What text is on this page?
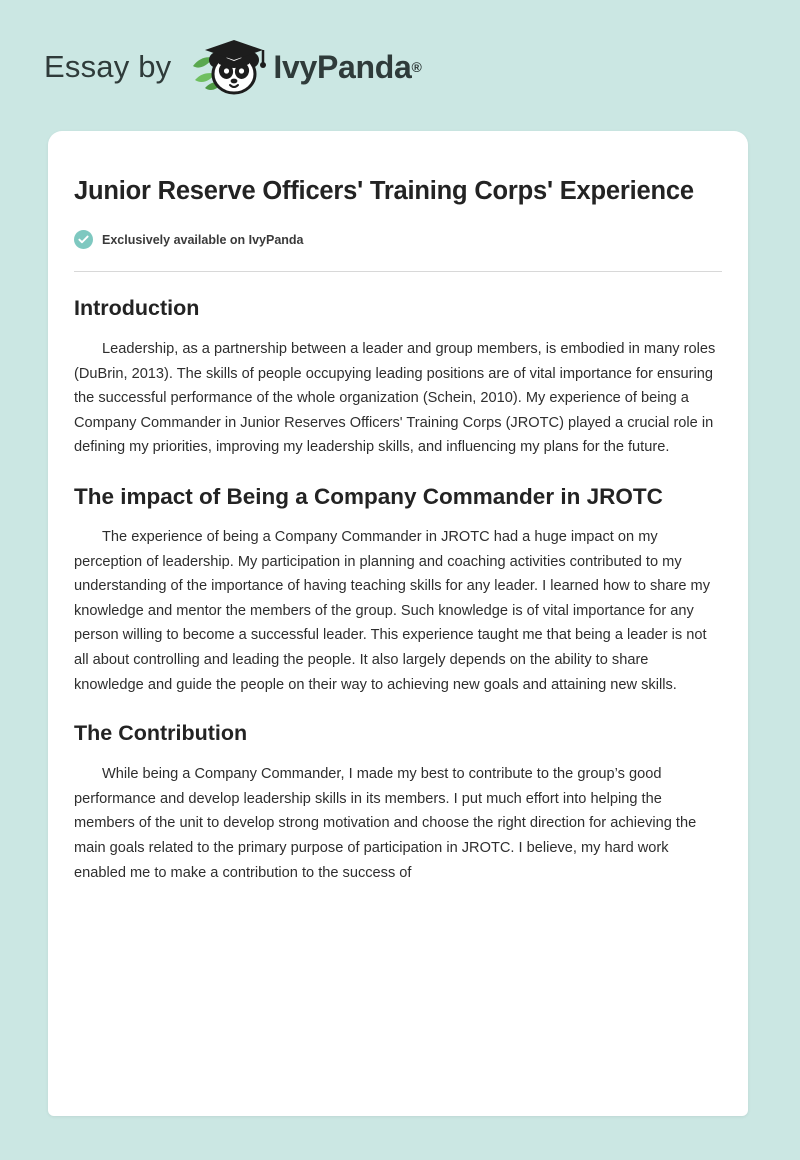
Essay by	IvyPanda ®
Junior Reserve Officers' Training Corps' Experience
Exclusively available on IvyPanda
Introduction

Leadership, as a partnership between a leader and group members, is embodied in many roles (DuBrin, 2013). The skills of people occupying leading positions are of vital importance for ensuring the successful performance of the whole organization (Schein, 2010). My experience of being a Company Commander in Junior Reserves Officers' Training Corps (JROTC) played a crucial role in defining my priorities, improving my leadership skills, and influencing my plans for the future.

The impact of Being a Company Commander in JROTC

The experience of being a Company Commander in JROTC had a huge impact on my perception of leadership. My participation in planning and coaching activities contributed to my understanding of the importance of having teaching skills for any leader. I learned how to share my knowledge and mentor the members of the group. Such knowledge is of vital importance for any person willing to become a successful leader. This experience taught me that being a leader is not all about controlling and leading the people. It also largely depends on the ability to share knowledge and guide the people on their way to achieving new goals and attaining new skills.

The Contribution

While being a Company Commander, I made my best to contribute to the group’s good performance and develop leadership skills in its members. I put much effort into helping the members of the unit to develop strong motivation and choose the right direction for achieving the main goals related to the primary purpose of participation in JROTC. I believe, my hard work enabled me to make a contribution to the success of
